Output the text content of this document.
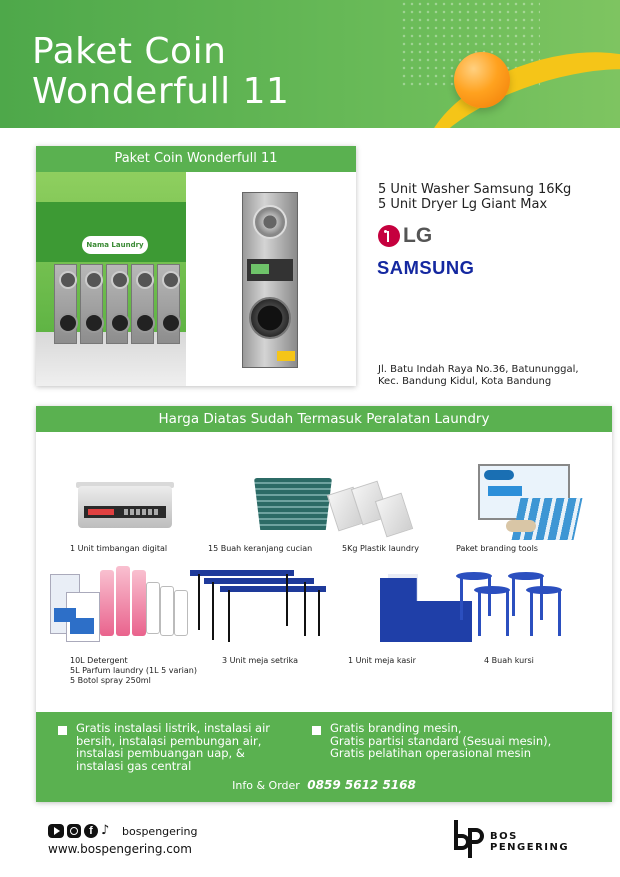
Paket Coin
Wonderfull 11
Paket Coin Wonderfull 11
Nama Laundry
5 Unit Washer Samsung 16Kg
5 Unit Dryer Lg Giant Max
LG
SAMSUNG
Jl. Batu Indah Raya No.36, Batununggal,
Kec. Bandung Kidul, Kota Bandung
Harga Diatas Sudah Termasuk Peralatan Laundry
1 Unit timbangan digital	15 Buah keranjang cucian	5Kg Plastik laundry	Paket branding tools
10L Detergent
5L Parfum laundry (1L 5 varian)
5 Botol spray 250ml
3 Unit meja setrika	1 Unit meja kasir	4 Buah kursi
Gratis instalasi listrik, instalasi air
bersih, instalasi pembungan air,
instalasi pembuangan uap, &
instalasi gas central
Gratis branding mesin,
Gratis partisi standard (Sesuai mesin),
Gratis pelatihan operasional mesin
Info & Order 0859 5612 5168
f ♪	bospengering
www.bospengering.com
BOS
PENGERING
